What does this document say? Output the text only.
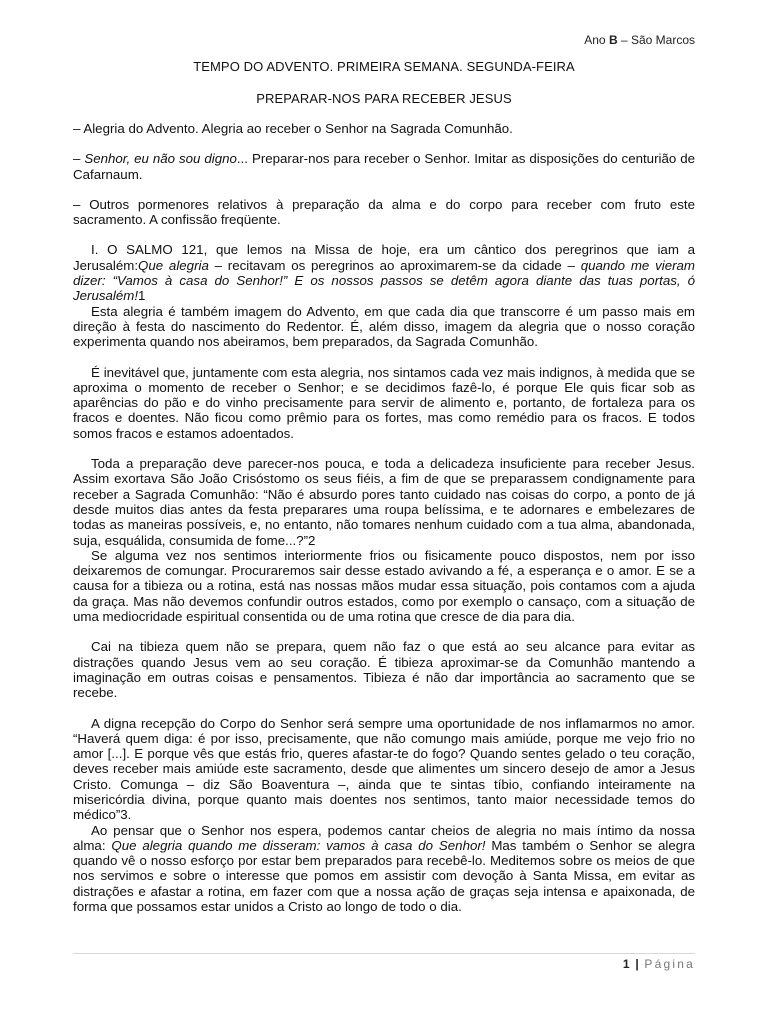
Ano B – São Marcos
TEMPO DO ADVENTO. PRIMEIRA SEMANA. SEGUNDA-FEIRA
PREPARAR-NOS PARA RECEBER JESUS

– Alegria do Advento. Alegria ao receber o Senhor na Sagrada Comunhão.

– Senhor, eu não sou digno... Preparar-nos para receber o Senhor. Imitar as disposições do centurião de Cafarnaum.

– Outros pormenores relativos à preparação da alma e do corpo para receber com fruto este sacramento. A confissão freqüente.

I. O SALMO 121, que lemos na Missa de hoje, era um cântico dos peregrinos que iam a Jerusalém:Que alegria – recitavam os peregrinos ao aproximarem-se da cidade – quando me vieram dizer: “Vamos à casa do Senhor!” E os nossos passos se detêm agora diante das tuas portas, ó Jerusalém!1

Esta alegria é também imagem do Advento, em que cada dia que transcorre é um passo mais em direção à festa do nascimento do Redentor. É, além disso, imagem da alegria que o nosso coração experimenta quando nos abeiramos, bem preparados, da Sagrada Comunhão.

É inevitável que, juntamente com esta alegria, nos sintamos cada vez mais indignos, à medida que se aproxima o momento de receber o Senhor; e se decidimos fazê-lo, é porque Ele quis ficar sob as aparências do pão e do vinho precisamente para servir de alimento e, portanto, de fortaleza para os fracos e doentes. Não ficou como prêmio para os fortes, mas como remédio para os fracos. E todos somos fracos e estamos adoentados.

Toda a preparação deve parecer-nos pouca, e toda a delicadeza insuficiente para receber Jesus. Assim exortava São João Crisóstomo os seus fiéis, a fim de que se preparassem condignamente para receber a Sagrada Comunhão: “Não é absurdo pores tanto cuidado nas coisas do corpo, a ponto de já desde muitos dias antes da festa preparares uma roupa belíssima, e te adornares e embelezares de todas as maneiras possíveis, e, no entanto, não tomares nenhum cuidado com a tua alma, abandonada, suja, esquálida, consumida de fome...?”2

Se alguma vez nos sentimos interiormente frios ou fisicamente pouco dispostos, nem por isso deixaremos de comungar. Procuraremos sair desse estado avivando a fé, a esperança e o amor. E se a causa for a tibieza ou a rotina, está nas nossas mãos mudar essa situação, pois contamos com a ajuda da graça. Mas não devemos confundir outros estados, como por exemplo o cansaço, com a situação de uma mediocridade espiritual consentida ou de uma rotina que cresce de dia para dia.

Cai na tibieza quem não se prepara, quem não faz o que está ao seu alcance para evitar as distrações quando Jesus vem ao seu coração. É tibieza aproximar-se da Comunhão mantendo a imaginação em outras coisas e pensamentos. Tibieza é não dar importância ao sacramento que se recebe.

A digna recepção do Corpo do Senhor será sempre uma oportunidade de nos inflamarmos no amor. “Haverá quem diga: é por isso, precisamente, que não comungo mais amiúde, porque me vejo frio no amor [...]. E porque vês que estás frio, queres afastar-te do fogo? Quando sentes gelado o teu coração, deves receber mais amiúde este sacramento, desde que alimentes um sincero desejo de amor a Jesus Cristo. Comunga – diz São Boaventura –, ainda que te sintas tíbio, confiando inteiramente na misericórdia divina, porque quanto mais doentes nos sentimos, tanto maior necessidade temos do médico”3.

Ao pensar que o Senhor nos espera, podemos cantar cheios de alegria no mais íntimo da nossa alma: Que alegria quando me disseram: vamos à casa do Senhor! Mas também o Senhor se alegra quando vê o nosso esforço por estar bem preparados para recebê-lo. Meditemos sobre os meios de que nos servimos e sobre o interesse que pomos em assistir com devoção à Santa Missa, em evitar as distrações e afastar a rotina, em fazer com que a nossa ação de graças seja intensa e apaixonada, de forma que possamos estar unidos a Cristo ao longo de todo o dia.

1 | Página
